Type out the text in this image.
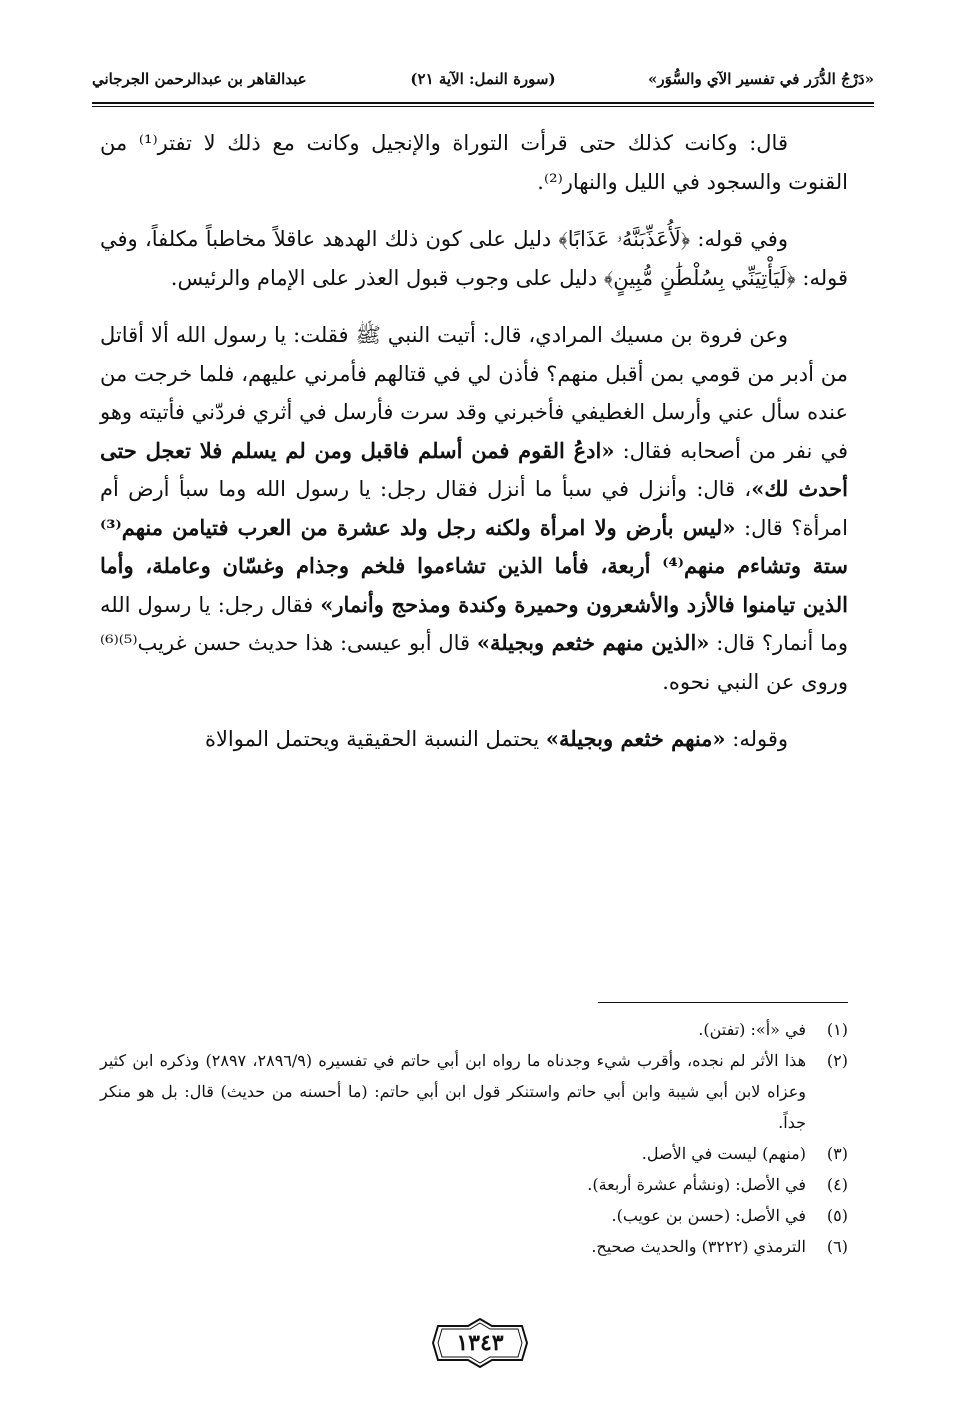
«دَرْجُ الدُّرَر في تفسير الآي والسُّوَر»
(سورة النمل: الآية ٢١)
عبدالقاهر بن عبدالرحمن الجرجاني

قال: وكانت كذلك حتى قرأت التوراة والإنجيل وكانت مع ذلك لا تفتر⁽¹⁾ من القنوت والسجود في الليل والنهار⁽²⁾.

وفي قوله: ﴿لَأُعَذِّبَنَّهُۥ عَذَابًا﴾ دليل على كون ذلك الهدهد عاقلاً مخاطباً مكلفاً، وفي قوله: ﴿لَيَأْتِيَنِّي بِسُلْطَٰنٍ مُّبِينٍ﴾ دليل على وجوب قبول العذر على الإمام والرئيس.

وعن فروة بن مسيك المرادي، قال: أتيت النبي ﷺ فقلت: يا رسول الله ألا أقاتل من أدبر من قومي بمن أقبل منهم؟ فأذن لي في قتالهم فأمرني عليهم، فلما خرجت من عنده سأل عني وأرسل الغطيفي فأخبرني وقد سرت فأرسل في أثري فردّني فأتيته وهو في نفر من أصحابه فقال: «ادعُ القوم فمن أسلم فاقبل ومن لم يسلم فلا تعجل حتى أحدث لك»، قال: وأنزل في سبأ ما أنزل فقال رجل: يا رسول الله وما سبأ أرض أم امرأة؟ قال: «ليس بأرض ولا امرأة ولكنه رجل ولد عشرة من العرب فتيامن منهم⁽³⁾ ستة وتشاءم منهم⁽⁴⁾ أربعة، فأما الذين تشاءموا فلخم وجذام وغسّان وعاملة، وأما الذين تيامنوا فالأزد والأشعرون وحميرة وكندة ومذحج وأنمار» فقال رجل: يا رسول الله وما أنمار؟ قال: «الذين منهم خثعم وبجيلة» قال أبو عيسى: هذا حديث حسن غريب⁽⁵⁾⁽⁶⁾ وروى عن النبي نحوه.

وقوله: «منهم خثعم وبجيلة» يحتمل النسبة الحقيقية ويحتمل الموالاة

(١)
في «أ»: (تفتن).
(٢)
هذا الأثر لم نجده، وأقرب شيء وجدناه ما رواه ابن أبي حاتم في تفسيره (٢٨٩٦/٩، ٢٨٩٧) وذكره ابن كثير وعزاه لابن أبي شيبة وابن أبي حاتم واستنكر قول ابن أبي حاتم: (ما أحسنه من حديث) قال: بل هو منكر جداً.
(٣)
(منهم) ليست في الأصل.
(٤)
في الأصل: (ونشأم عشرة أربعة).
(٥)
في الأصل: (حسن بن عويب).
(٦)
الترمذي (٣٢٢٢) والحديث صحيح.
١٣٤٣
